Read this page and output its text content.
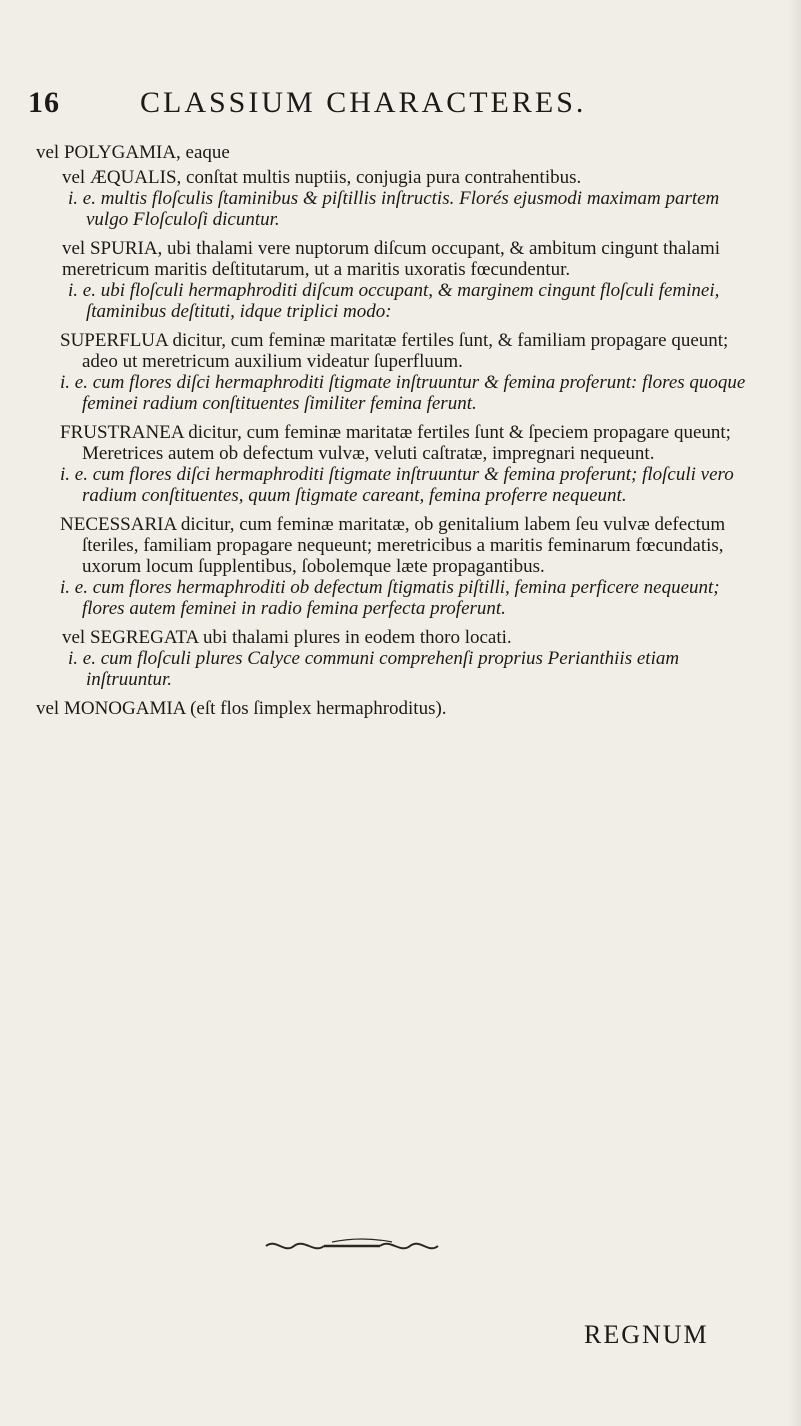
16	CLASSIUM CHARACTERES.

vel POLYGAMIA, eaque

vel ÆQUALIS, conſtat multis nuptiis, conjugia pura contrahentibus.

i. e. multis floſculis ſtaminibus & piſtillis inſtructis. Florés ejusmodi maximam partem vulgo Floſculoſi dicuntur.

vel SPURIA, ubi thalami vere nuptorum diſcum occupant, & ambitum cingunt thalami meretricum maritis deſtitutarum, ut a maritis uxoratis fœcundentur.

i. e. ubi floſculi hermaphroditi diſcum occupant, & marginem cingunt floſculi feminei, ſtaminibus deſtituti, idque triplici modo:

SUPERFLUA dicitur, cum feminæ maritatæ fertiles ſunt, & familiam propagare queunt; adeo ut meretricum auxilium videatur ſuperfluum.

i. e. cum flores diſci hermaphroditi ſtigmate inſtruuntur & femina proferunt: flores quoque feminei radium conſtituentes ſimiliter femina ferunt.

FRUSTRANEA dicitur, cum feminæ maritatæ fertiles ſunt & ſpeciem propagare queunt; Meretrices autem ob defectum vulvæ, veluti caſtratæ, impregnari nequeunt.

i. e. cum flores diſci hermaphroditi ſtigmate inſtruuntur & femina proferunt; floſculi vero radium conſtituentes, quum ſtigmate careant, femina proferre nequeunt.

NECESSARIA dicitur, cum feminæ maritatæ, ob genitalium labem ſeu vulvæ defectum ſteriles, familiam propagare nequeunt; meretricibus a maritis feminarum fœcundatis, uxorum locum ſupplentibus, ſobolemque læte propagantibus.

i. e. cum flores hermaphroditi ob defectum ſtigmatis piſtilli, femina perficere nequeunt; flores autem feminei in radio femina perfecta proferunt.

vel SEGREGATA ubi thalami plures in eodem thoro locati.

i. e. cum floſculi plures Calyce communi comprehenſi proprius Perianthiis etiam inſtruuntur.

vel MONOGAMIA (eſt flos ſimplex hermaphroditus).

REGNUM
